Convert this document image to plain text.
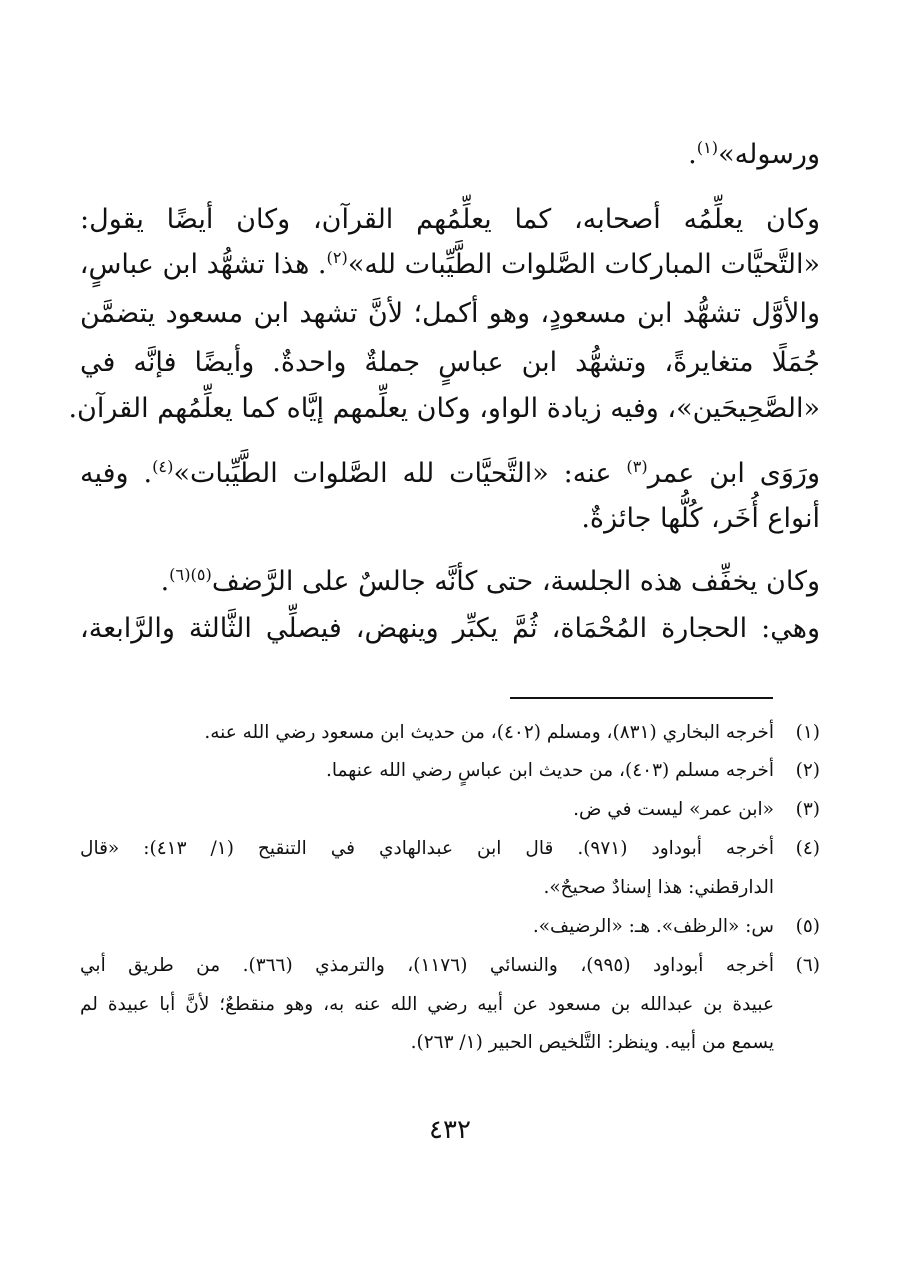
ورسوله»$^{(١)}$.
وكان يعلِّمُه أصحابه، كما يعلِّمُهم القرآن، وكان أيضًا يقول:
«التَّحيَّات المباركات الصَّلوات الطَّيِّبات لله»$^{(٢)}$. هذا تشهُّد ابن عباسٍ،
والأوَّل تشهُّد ابن مسعودٍ، وهو أكمل؛ لأنَّ تشهد ابن مسعود يتضمَّن
جُمَلًا متغايرةً، وتشهُّد ابن عباسٍ جملةٌ واحدةٌ. وأيضًا فإنَّه في
«الصَّحِيحَين»، وفيه زيادة الواو، وكان يعلِّمهم إيَّاه كما يعلِّمُهم القرآن.
ورَوَى ابن عمر$^{(٣)}$ عنه: «التَّحيَّات لله الصَّلوات الطَّيِّبات»$^{(٤)}$. وفيه
أنواع أُخَر، كُلُّها جائزةٌ.
وكان يخفِّف هذه الجلسة، حتى كأنَّه جالسٌ على الرَّضف$^{(٥)(٦)}$.
وهي: الحجارة المُحْمَاة، ثُمَّ يكبِّر وينهض، فيصلِّي الثَّالثة والرَّابعة،
(١)أخرجه البخاري (٨٣١)، ومسلم (٤٠٢)، من حديث ابن مسعود رضي الله عنه.
(٢)أخرجه مسلم (٤٠٣)، من حديث ابن عباسٍ رضي الله عنهما.
(٣)«ابن عمر» ليست في ض.
(٤)أخرجه أبوداود (٩٧١). قال ابن عبدالهادي في التنقيح (١/ ٤١٣): «قال
الدارقطني: هذا إسنادٌ صحيحٌ».
(٥)س: «الرظف». هـ: «الرضيف».
(٦)أخرجه أبوداود (٩٩٥)، والنسائي (١١٧٦)، والترمذي (٣٦٦). من طريق أبي
عبيدة بن عبدالله بن مسعود عن أبيه رضي الله عنه به، وهو منقطعٌ؛ لأنَّ أبا عبيدة لم
يسمع من أبيه. وينظر: التَّلخيص الحبير (١/ ٢٦٣).
٤٣٢
